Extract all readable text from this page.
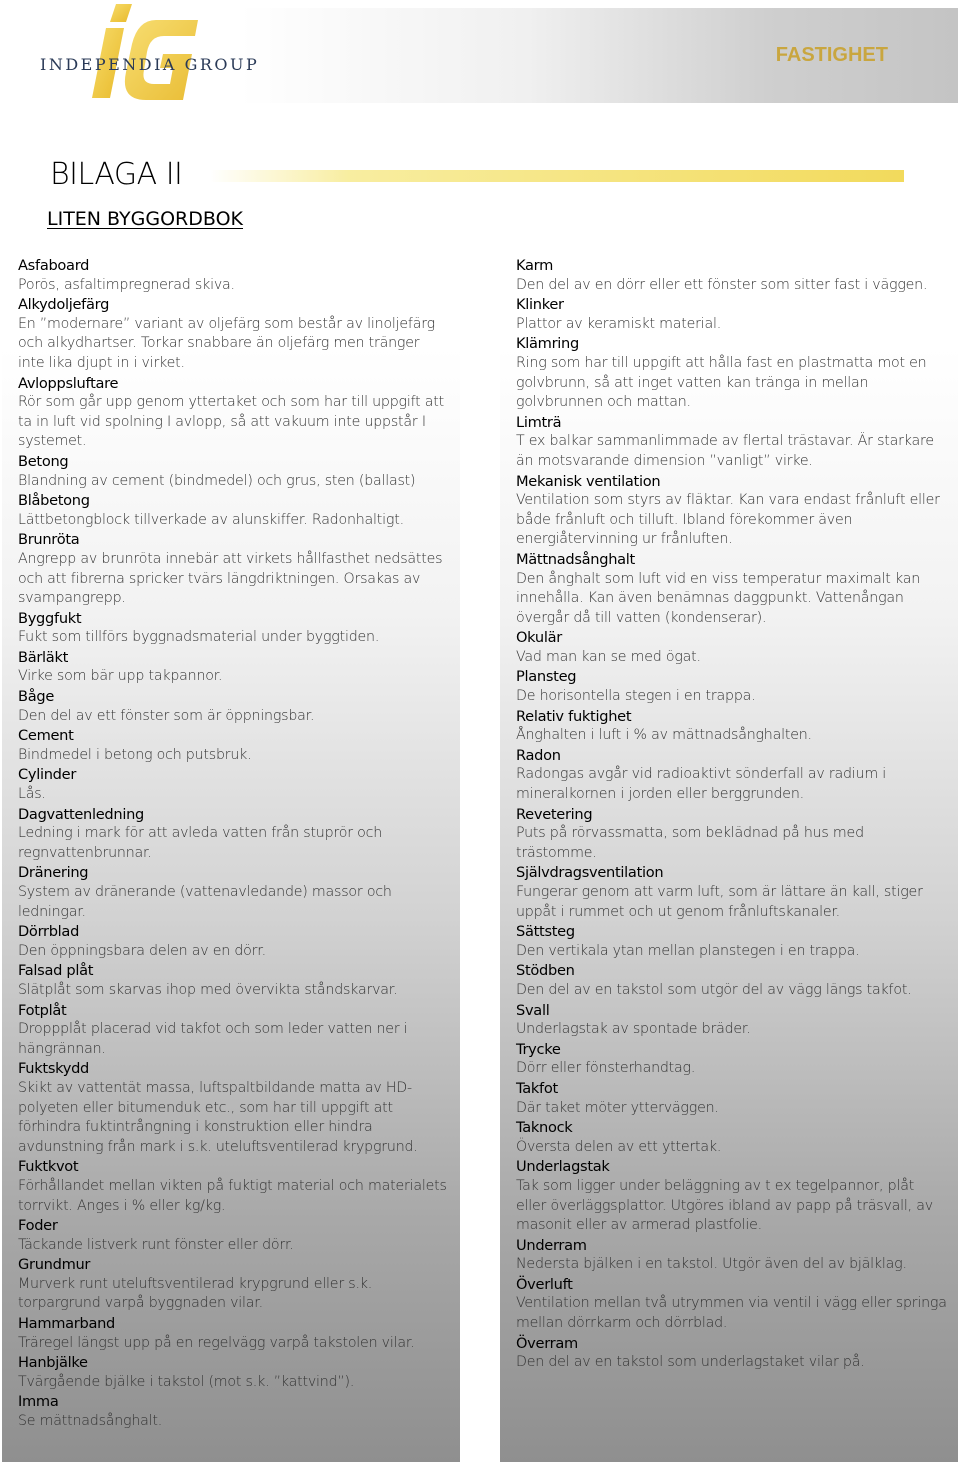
INDEPENDIA GROUP	FASTIGHET
BILAGA II
LITEN BYGGORDBOK
Asfaboard
Porös, asfaltimpregnerad skiva.
Alkydoljefärg
En ”modernare” variant av oljefärg som består av linoljefärg och alkydhartser. Torkar snabbare än oljefärg men tränger inte lika djupt in i virket.
Avloppsluftare
Rör som går upp genom yttertaket och som har till uppgift att ta in luft vid spolning I avlopp, så att vakuum inte uppstår I systemet.
Betong
Blandning av cement (bindmedel) och grus, sten (ballast)
Blåbetong
Lättbetongblock tillverkade av alunskiffer. Radonhaltigt.
Brunröta
Angrepp av brunröta innebär att virkets hållfasthet nedsättes och att fibrerna spricker tvärs längdriktningen. Orsakas av svampangrepp.
Byggfukt
Fukt som tillförs byggnadsmaterial under byggtiden.
Bärläkt
Virke som bär upp takpannor.
Båge
Den del av ett fönster som är öppningsbar.
Cement
Bindmedel i betong och putsbruk.
Cylinder
Lås.
Dagvattenledning
Ledning i mark för att avleda vatten från stuprör och regnvattenbrunnar.
Dränering
System av dränerande (vattenavledande) massor och ledningar.
Dörrblad
Den öppningsbara delen av en dörr.
Falsad plåt
Slätplåt som skarvas ihop med övervikta ståndskarvar.
Fotplåt
Droppplåt placerad vid takfot och som leder vatten ner i hängrännan.
Fuktskydd
Skikt av vattentät massa, luftspaltbildande matta av HD-polyeten eller bitumenduk etc., som har till uppgift att förhindra fuktintrångning i konstruktion eller hindra avdunstning från mark i s.k. uteluftsventilerad krypgrund.
Fuktkvot
Förhållandet mellan vikten på fuktigt material och materialets torrvikt. Anges i % eller kg/kg.
Foder
Täckande listverk runt fönster eller dörr.
Grundmur
Murverk runt uteluftsventilerad krypgrund eller s.k. torpargrund varpå byggnaden vilar.
Hammarband
Träregel längst upp på en regelvägg varpå takstolen vilar.
Hanbjälke
Tvärgående bjälke i takstol (mot s.k. ”kattvind”).
Imma
Se mättnadsånghalt.
Karm
Den del av en dörr eller ett fönster som sitter fast i väggen.
Klinker
Plattor av keramiskt material.
Klämring
Ring som har till uppgift att hålla fast en plastmatta mot en golvbrunn, så att inget vatten kan tränga in mellan golvbrunnen och mattan.
Limträ
T ex balkar sammanlimmade av flertal trästavar. Är starkare än motsvarande dimension ”vanligt” virke.
Mekanisk ventilation
Ventilation som styrs av fläktar. Kan vara endast frånluft eller både frånluft och tilluft. Ibland förekommer även energiåtervinning ur frånluften.
Mättnadsånghalt
Den ånghalt som luft vid en viss temperatur maximalt kan innehålla. Kan även benämnas daggpunkt. Vattenångan övergår då till vatten (kondenserar).
Okulär
Vad man kan se med ögat.
Plansteg
De horisontella stegen i en trappa.
Relativ fuktighet
Ånghalten i luft i % av mättnadsånghalten.
Radon
Radongas avgår vid radioaktivt sönderfall av radium i mineralkornen i jorden eller berggrunden.
Revetering
Puts på rörvassmatta, som beklädnad på hus med trästomme.
Självdragsventilation
Fungerar genom att varm luft, som är lättare än kall, stiger uppåt i rummet och ut genom frånluftskanaler.
Sättsteg
Den vertikala ytan mellan planstegen i en trappa.
Stödben
Den del av en takstol som utgör del av vägg längs takfot.
Svall
Underlagstak av spontade bräder.
Trycke
Dörr eller fönsterhandtag.
Takfot
Där taket möter ytterväggen.
Taknock
Översta delen av ett yttertak.
Underlagstak
Tak som ligger under beläggning av t ex tegelpannor, plåt eller överläggsplattor. Utgöres ibland av papp på träsvall, av masonit eller av armerad plastfolie.
Underram
Nedersta bjälken i en takstol. Utgör även del av bjälklag.
Överluft
Ventilation mellan två utrymmen via ventil i vägg eller springa mellan dörrkarm och dörrblad.
Överram
Den del av en takstol som underlagstaket vilar på.
